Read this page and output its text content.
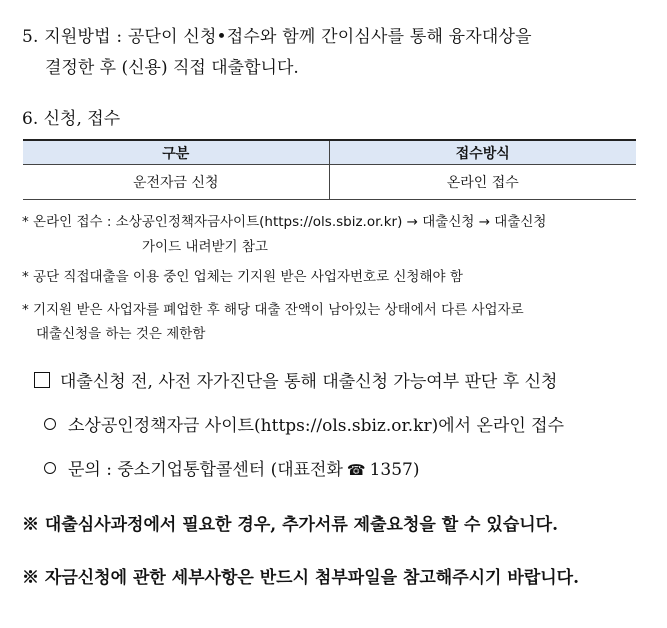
5. 지원방법 : 공단이 신청•접수와 함께 간이심사를 통해 융자대상을
결정한 후 (신용) 직접 대출합니다.
6. 신청, 접수
구분	접수방식
운전자금 신청	온라인 접수
* 온라인 접수 : 소상공인정책자금사이트(https://ols.sbiz.or.kr) → 대출신청 → 대출신청
가이드 내려받기 참고
* 공단 직접대출을 이용 중인 업체는 기지원 받은 사업자번호로 신청해야 함
* 기지원 받은 사업자를 폐업한 후 해당 대출 잔액이 남아있는 상태에서 다른 사업자로
대출신청을 하는 것은 제한함
대출신청 전, 사전 자가진단을 통해 대출신청 가능여부 판단 후 신청
소상공인정책자금 사이트(https://ols.sbiz.or.kr)에서 온라인 접수
문의 : 중소기업통합콜센터 (대표전화 ☎ 1357)
※ 대출심사과정에서 필요한 경우, 추가서류 제출요청을 할 수 있습니다.
※ 자금신청에 관한 세부사항은 반드시 첨부파일을 참고해주시기 바랍니다.
